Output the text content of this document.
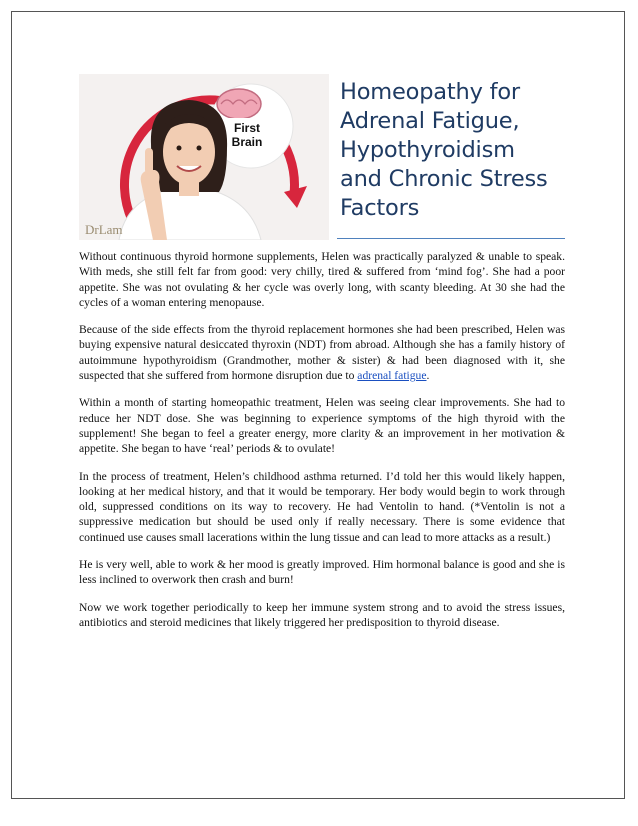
First
Brain
DrLam
Homeopathy for
Adrenal Fatigue,
Hypothyroidism
and Chronic Stress
Factors

Without continuous thyroid hormone supplements, Helen was practically paralyzed & unable to speak. With meds, she still felt far from good: very chilly, tired & suffered from ‘mind fog’. She had a poor appetite. She was not ovulating & her cycle was overly long, with scanty bleeding. At 30 she had the cycles of a woman entering menopause.

Because of the side effects from the thyroid replacement hormones she had been prescribed, Helen was buying expensive natural desiccated thyroxin (NDT) from abroad. Although she has a family history of autoimmune hypothyroidism (Grandmother, mother & sister) & had been diagnosed with it, she suspected that she suffered from hormone disruption due to adrenal fatigue.

Within a month of starting homeopathic treatment, Helen was seeing clear improvements. She had to reduce her NDT dose. She was beginning to experience symptoms of the high thyroid with the supplement! She began to feel a greater energy, more clarity & an improvement in her motivation & appetite. She began to have ‘real’ periods & to ovulate!

In the process of treatment, Helen’s childhood asthma returned. I’d told her this would likely happen, looking at her medical history, and that it would be temporary. Her body would begin to work through old, suppressed conditions on its way to recovery. He had Ventolin to hand. (*Ventolin is not a suppressive medication but should be used only if really necessary. There is some evidence that continued use causes small lacerations within the lung tissue and can lead to more attacks as a result.)

He is very well, able to work & her mood is greatly improved. Him hormonal balance is good and she is less inclined to overwork then crash and burn!

Now we work together periodically to keep her immune system strong and to avoid the stress issues, antibiotics and steroid medicines that likely triggered her predisposition to thyroid disease.
